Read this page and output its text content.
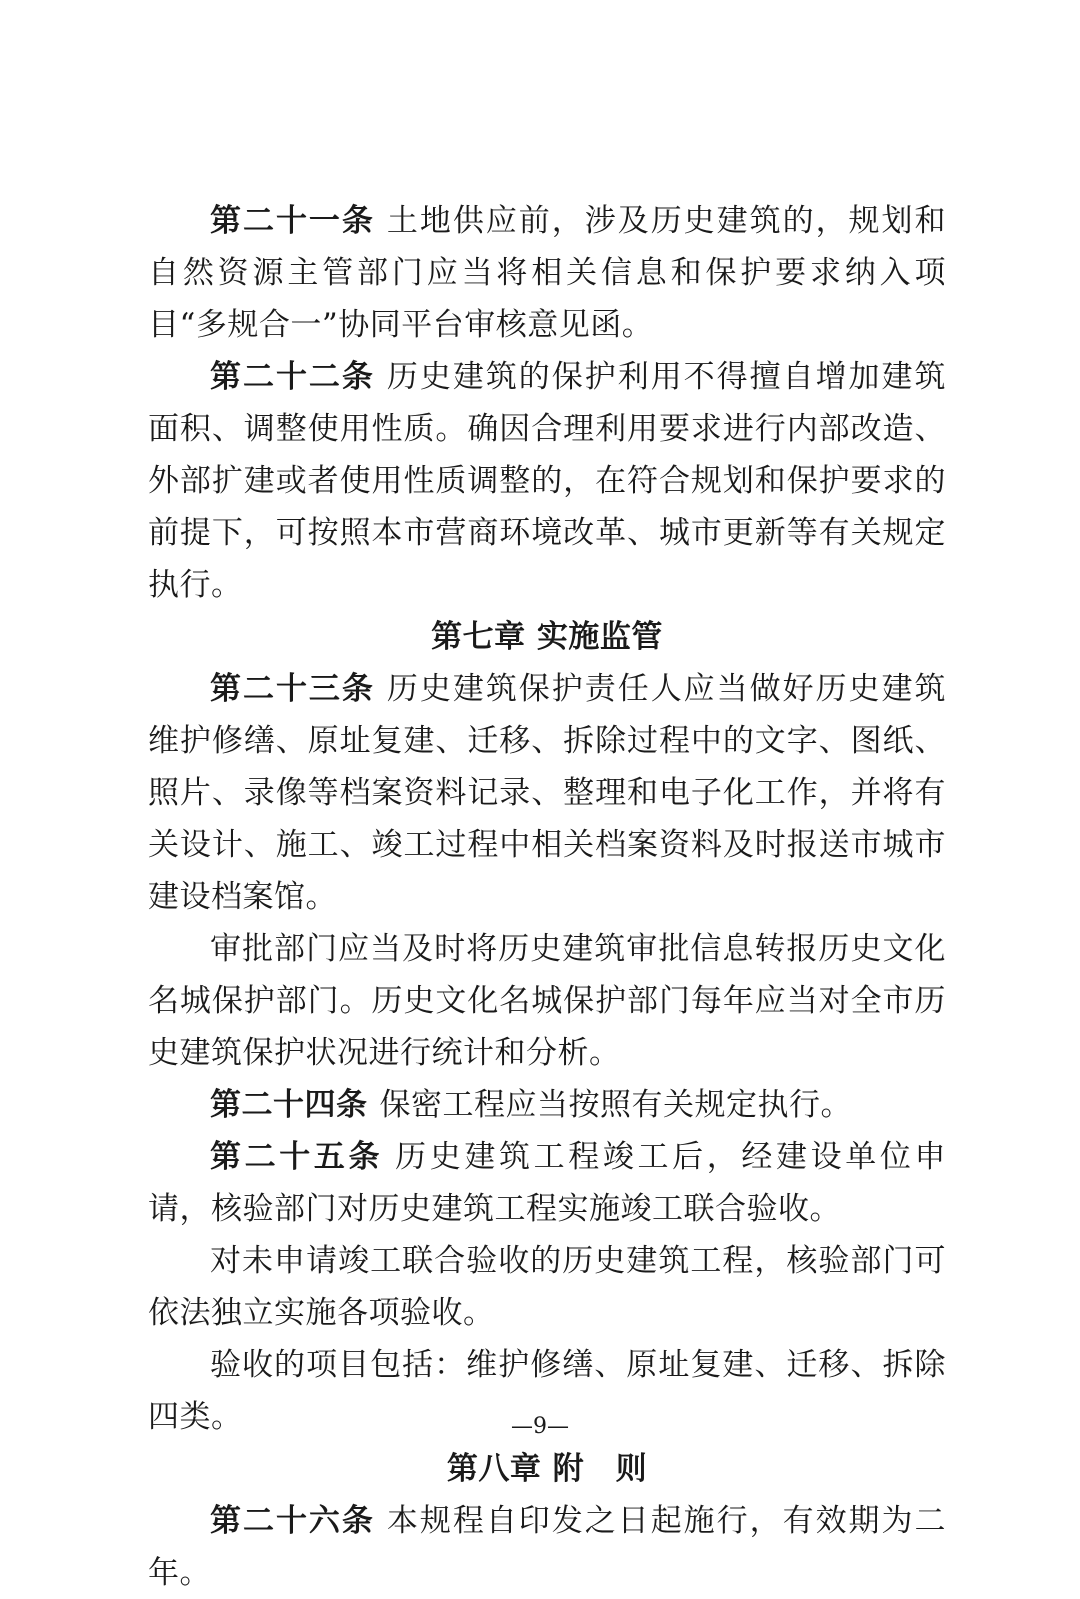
第二十一条 土地供应前，涉及历史建筑的，规划和自然资源主管部门应当将相关信息和保护要求纳入项目“多规合一”协同平台审核意见函。

第二十二条 历史建筑的保护利用不得擅自增加建筑面积、调整使用性质。确因合理利用要求进行内部改造、外部扩建或者使用性质调整的，在符合规划和保护要求的前提下，可按照本市营商环境改革、城市更新等有关规定执行。

第七章 实施监管

第二十三条 历史建筑保护责任人应当做好历史建筑维护修缮、原址复建、迁移、拆除过程中的文字、图纸、照片、录像等档案资料记录、整理和电子化工作，并将有关设计、施工、竣工过程中相关档案资料及时报送市城市建设档案馆。

审批部门应当及时将历史建筑审批信息转报历史文化名城保护部门。历史文化名城保护部门每年应当对全市历史建筑保护状况进行统计和分析。

第二十四条 保密工程应当按照有关规定执行。

第二十五条 历史建筑工程竣工后，经建设单位申请，核验部门对历史建筑工程实施竣工联合验收。

对未申请竣工联合验收的历史建筑工程，核验部门可依法独立实施各项验收。

验收的项目包括：维护修缮、原址复建、迁移、拆除四类。

第八章 附　则

第二十六条 本规程自印发之日起施行，有效期为二年。

—9—
